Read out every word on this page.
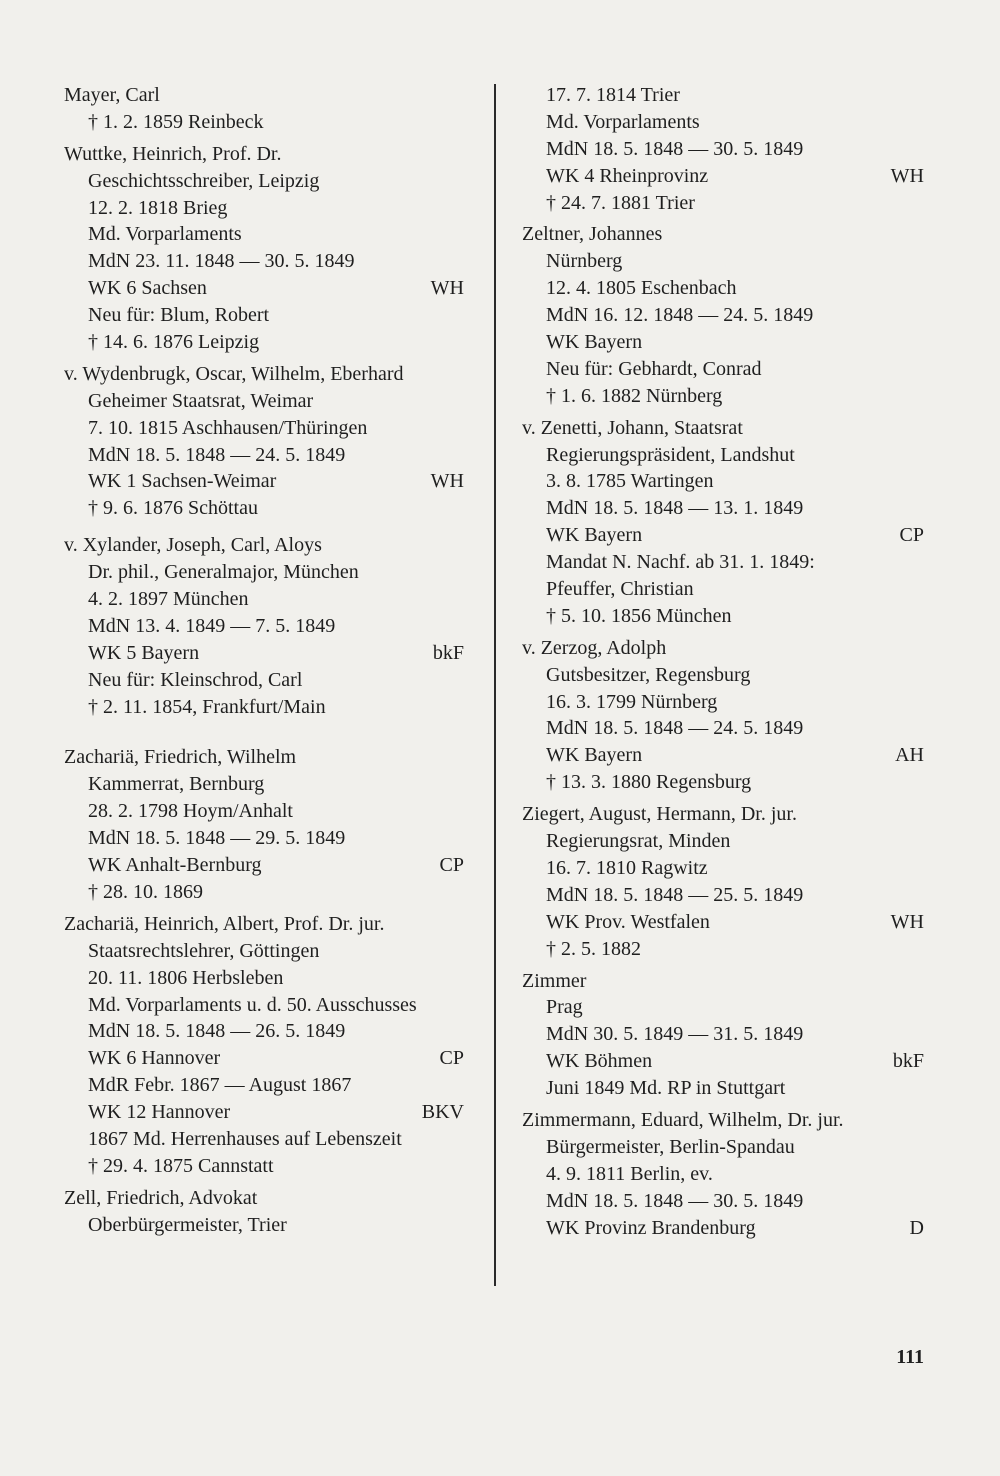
Mayer, Carl
† 1. 2. 1859 Reinbeck
Wuttke, Heinrich, Prof. Dr.
Geschichtsschreiber, Leipzig
12. 2. 1818 Brieg
Md. Vorparlaments
MdN 23. 11. 1848 — 30. 5. 1849
WK 6 Sachsen	WH
Neu für: Blum, Robert
† 14. 6. 1876 Leipzig
v. Wydenbrugk, Oscar, Wilhelm, Eberhard
Geheimer Staatsrat, Weimar
7. 10. 1815 Aschhausen/Thüringen
MdN 18. 5. 1848 — 24. 5. 1849
WK 1 Sachsen-Weimar	WH
† 9. 6. 1876 Schöttau
v. Xylander, Joseph, Carl, Aloys
Dr. phil., Generalmajor, München
4. 2. 1897 München
MdN 13. 4. 1849 — 7. 5. 1849
WK 5 Bayern	bkF
Neu für: Kleinschrod, Carl
† 2. 11. 1854, Frankfurt/Main
Zachariä, Friedrich, Wilhelm
Kammerrat, Bernburg
28. 2. 1798 Hoym/Anhalt
MdN 18. 5. 1848 — 29. 5. 1849
WK Anhalt-Bernburg	CP
† 28. 10. 1869
Zachariä, Heinrich, Albert, Prof. Dr. jur.
Staatsrechtslehrer, Göttingen
20. 11. 1806 Herbsleben
Md. Vorparlaments u. d. 50. Ausschusses
MdN 18. 5. 1848 — 26. 5. 1849
WK 6 Hannover	CP
MdR Febr. 1867 — August 1867
WK 12 Hannover	BKV
1867 Md. Herrenhauses auf Lebenszeit
† 29. 4. 1875 Cannstatt
Zell, Friedrich, Advokat
Oberbürgermeister, Trier
17. 7. 1814 Trier
Md. Vorparlaments
MdN 18. 5. 1848 — 30. 5. 1849
WK 4 Rheinprovinz	WH
† 24. 7. 1881 Trier
Zeltner, Johannes
Nürnberg
12. 4. 1805 Eschenbach
MdN 16. 12. 1848 — 24. 5. 1849
WK Bayern
Neu für: Gebhardt, Conrad
† 1. 6. 1882 Nürnberg
v. Zenetti, Johann, Staatsrat
Regierungspräsident, Landshut
3. 8. 1785 Wartingen
MdN 18. 5. 1848 — 13. 1. 1849
WK Bayern	CP
Mandat N. Nachf. ab 31. 1. 1849:
Pfeuffer, Christian
† 5. 10. 1856 München
v. Zerzog, Adolph
Gutsbesitzer, Regensburg
16. 3. 1799 Nürnberg
MdN 18. 5. 1848 — 24. 5. 1849
WK Bayern	AH
† 13. 3. 1880 Regensburg
Ziegert, August, Hermann, Dr. jur.
Regierungsrat, Minden
16. 7. 1810 Ragwitz
MdN 18. 5. 1848 — 25. 5. 1849
WK Prov. Westfalen	WH
† 2. 5. 1882
Zimmer
Prag
MdN 30. 5. 1849 — 31. 5. 1849
WK Böhmen	bkF
Juni 1849 Md. RP in Stuttgart
Zimmermann, Eduard, Wilhelm, Dr. jur.
Bürgermeister, Berlin-Spandau
4. 9. 1811 Berlin, ev.
MdN 18. 5. 1848 — 30. 5. 1849
WK Provinz Brandenburg	D
111
